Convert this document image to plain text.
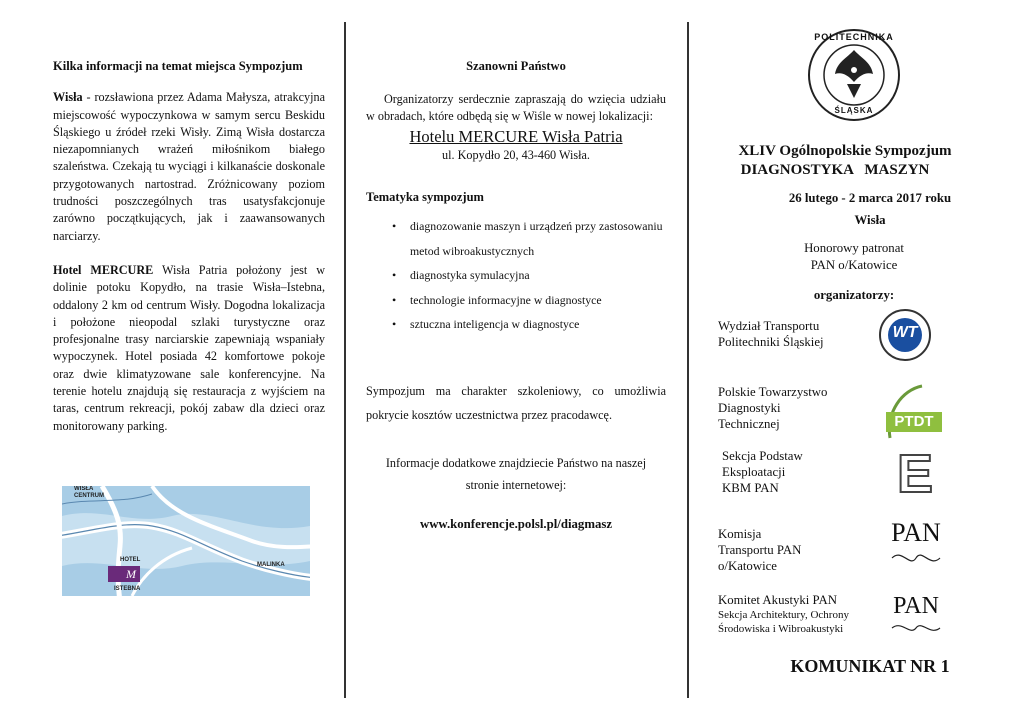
Kilka informacji na temat miejsca Sympozjum

Wisła - rozsławiona przez Adama Małysza, atrakcyjna miejscowość wypoczynkowa w samym sercu Beskidu Śląskiego u źródeł rzeki Wisły. Zimą Wisła dostarcza niezapomnianych wrażeń miłośnikom białego szaleństwa. Czekają tu wyciągi i kilkanaście doskonale przygotowanych nartostrad. Zróżnicowany poziom trudności poszczególnych tras usatysfakcjonuje zarówno początkujących, jak i zaawansowanych narciarzy.

Hotel MERCURE Wisła Patria położony jest w dolinie potoku Kopydło, na trasie Wisła–Istebna, oddalony 2 km od centrum Wisły. Dogodna lokalizacja i położone nieopodal szlaki turystyczne oraz profesjonalne trasy narciarskie zapewniają wspaniały wypoczynek. Hotel posiada 42 komfortowe pokoje oraz dwie klimatyzowane sale konferencyjne. Na terenie hotelu znajdują się restauracja z wyjściem na taras, centrum rekreacji, pokój zabaw dla dzieci oraz monitorowany parking.

WISŁA
CENTRUM
HOTEL
M
MALINKA
ISTEBNA
Szanowni Państwo

Organizatorzy serdecznie zapraszają do wzięcia udziału w obradach, które odbędą się w Wiśle w nowej lokalizacji:

Hotelu MERCURE Wisła Patria
ul. Kopydło 20, 43-460 Wisła.
Tematyka sympozjum
• diagnozowanie maszyn i urządzeń przy zastosowaniu metod wibroakustycznych
• diagnostyka symulacyjna
• technologie informacyjne w diagnostyce
• sztuczna inteligencja w diagnostyce

Sympozjum ma charakter szkoleniowy, co umożliwia pokrycie kosztów uczestnictwa przez pracodawcę.

Informacje dodatkowe znajdziecie Państwo na naszej
stronie internetowej:
www.konferencje.polsl.pl/diagmasz
POLITECHNIKA
ŚLĄSKA
XLIV Ogólnopolskie Sympozjum
DIAGNOSTYKA   MASZYN
26 lutego - 2 marca 2017 roku
Wisła
Honorowy patronat
PAN o/Katowice
organizatorzy:
Wydział Transportu
Politechniki Śląskiej
WT
Polskie Towarzystwo
Diagnostyki
Technicznej	PTDT
Sekcja Podstaw
Eksploatacji
KBM PAN	E
Komisja
Transportu PAN
o/Katowice
PAN
Komitet Akustyki PAN
Sekcja Architektury, Ochrony
Środowiska i Wibroakustyki
PAN
KOMUNIKAT NR 1
